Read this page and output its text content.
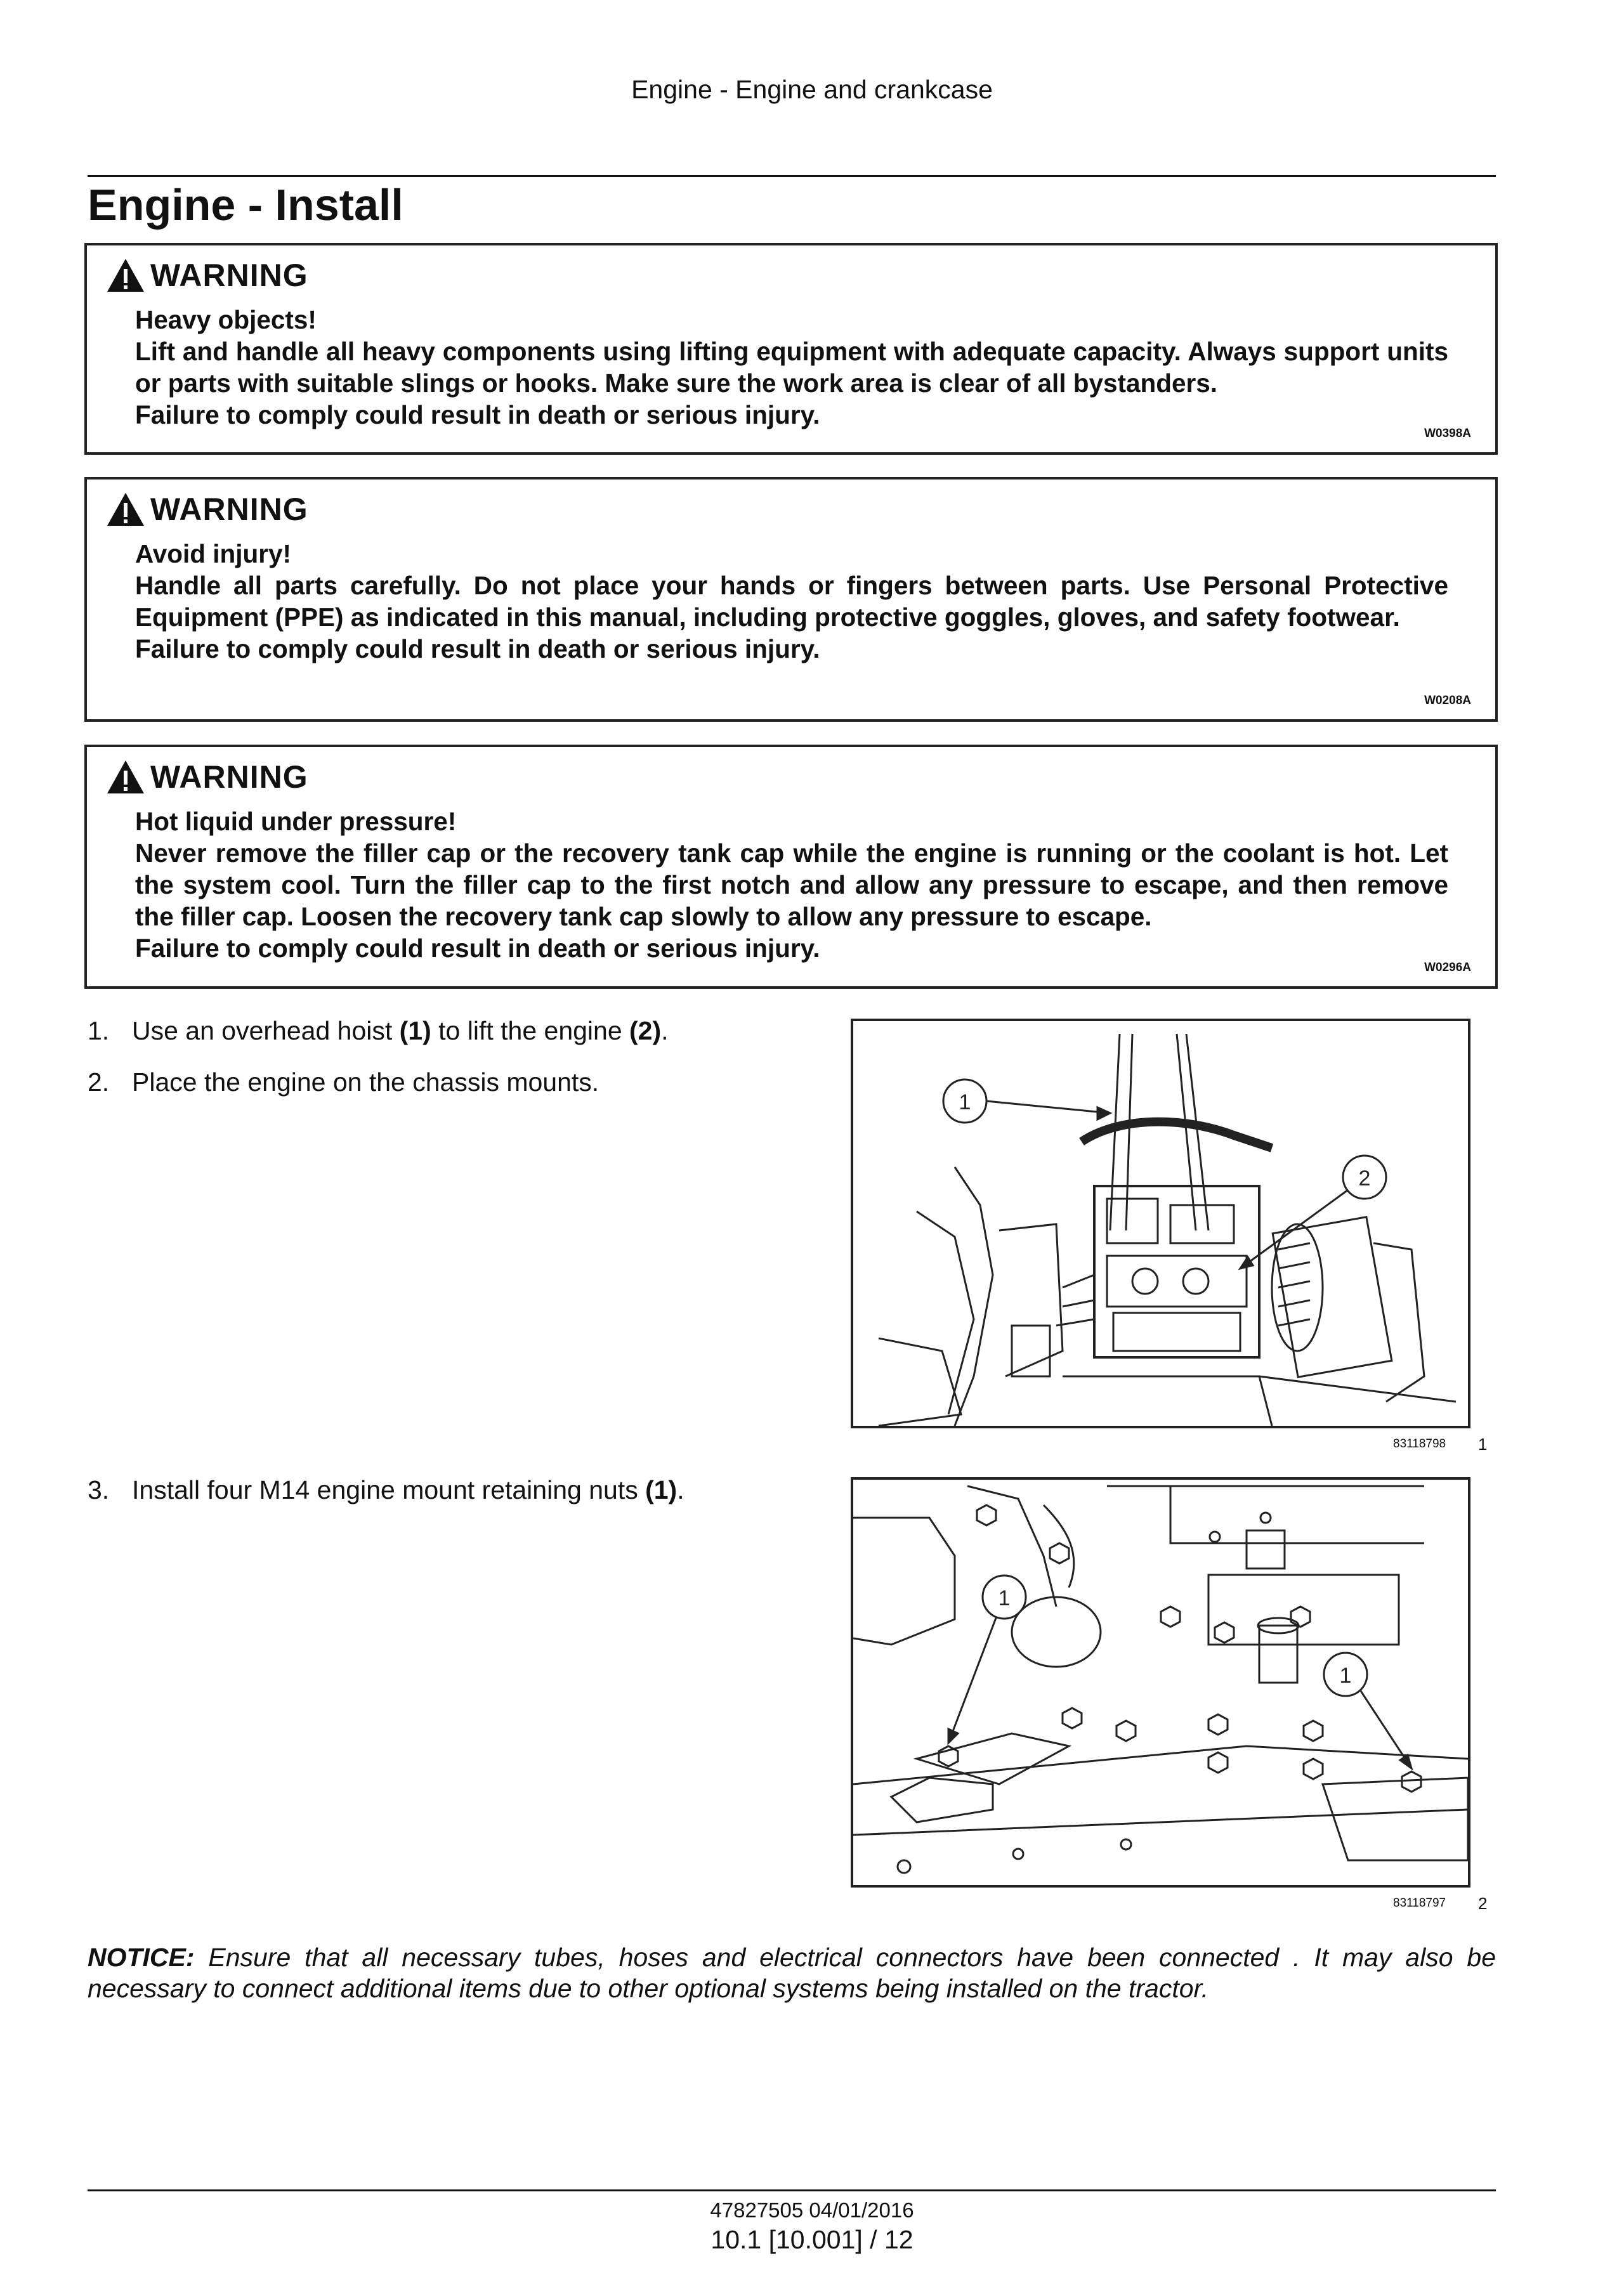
Engine - Engine and crankcase
Engine - Install
WARNING
Heavy objects!
Lift and handle all heavy components using lifting equipment with adequate capacity. Always support units or parts with suitable slings or hooks. Make sure the work area is clear of all bystanders.
Failure to comply could result in death or serious injury.
W0398A
WARNING
Avoid injury!
Handle all parts carefully. Do not place your hands or fingers between parts. Use Personal Protective Equipment (PPE) as indicated in this manual, including protective goggles, gloves, and safety footwear.
Failure to comply could result in death or serious injury.
W0208A
WARNING
Hot liquid under pressure!
Never remove the filler cap or the recovery tank cap while the engine is running or the coolant is hot. Let the system cool. Turn the filler cap to the first notch and allow any pressure to escape, and then remove the filler cap. Loosen the recovery tank cap slowly to allow any pressure to escape.
Failure to comply could result in death or serious injury.
W0296A
1. Use an overhead hoist (1) to lift the engine (2).
2. Place the engine on the chassis mounts.
3. Install four M14 engine mount retaining nuts (1).
1
2
83118798 1
1
1
83118797 2
NOTICE: Ensure that all necessary tubes, hoses and electrical connectors have been connected . It may also be necessary to connect additional items due to other optional systems being installed on the tractor.
47827505 04/01/2016
10.1 [10.001] / 12
